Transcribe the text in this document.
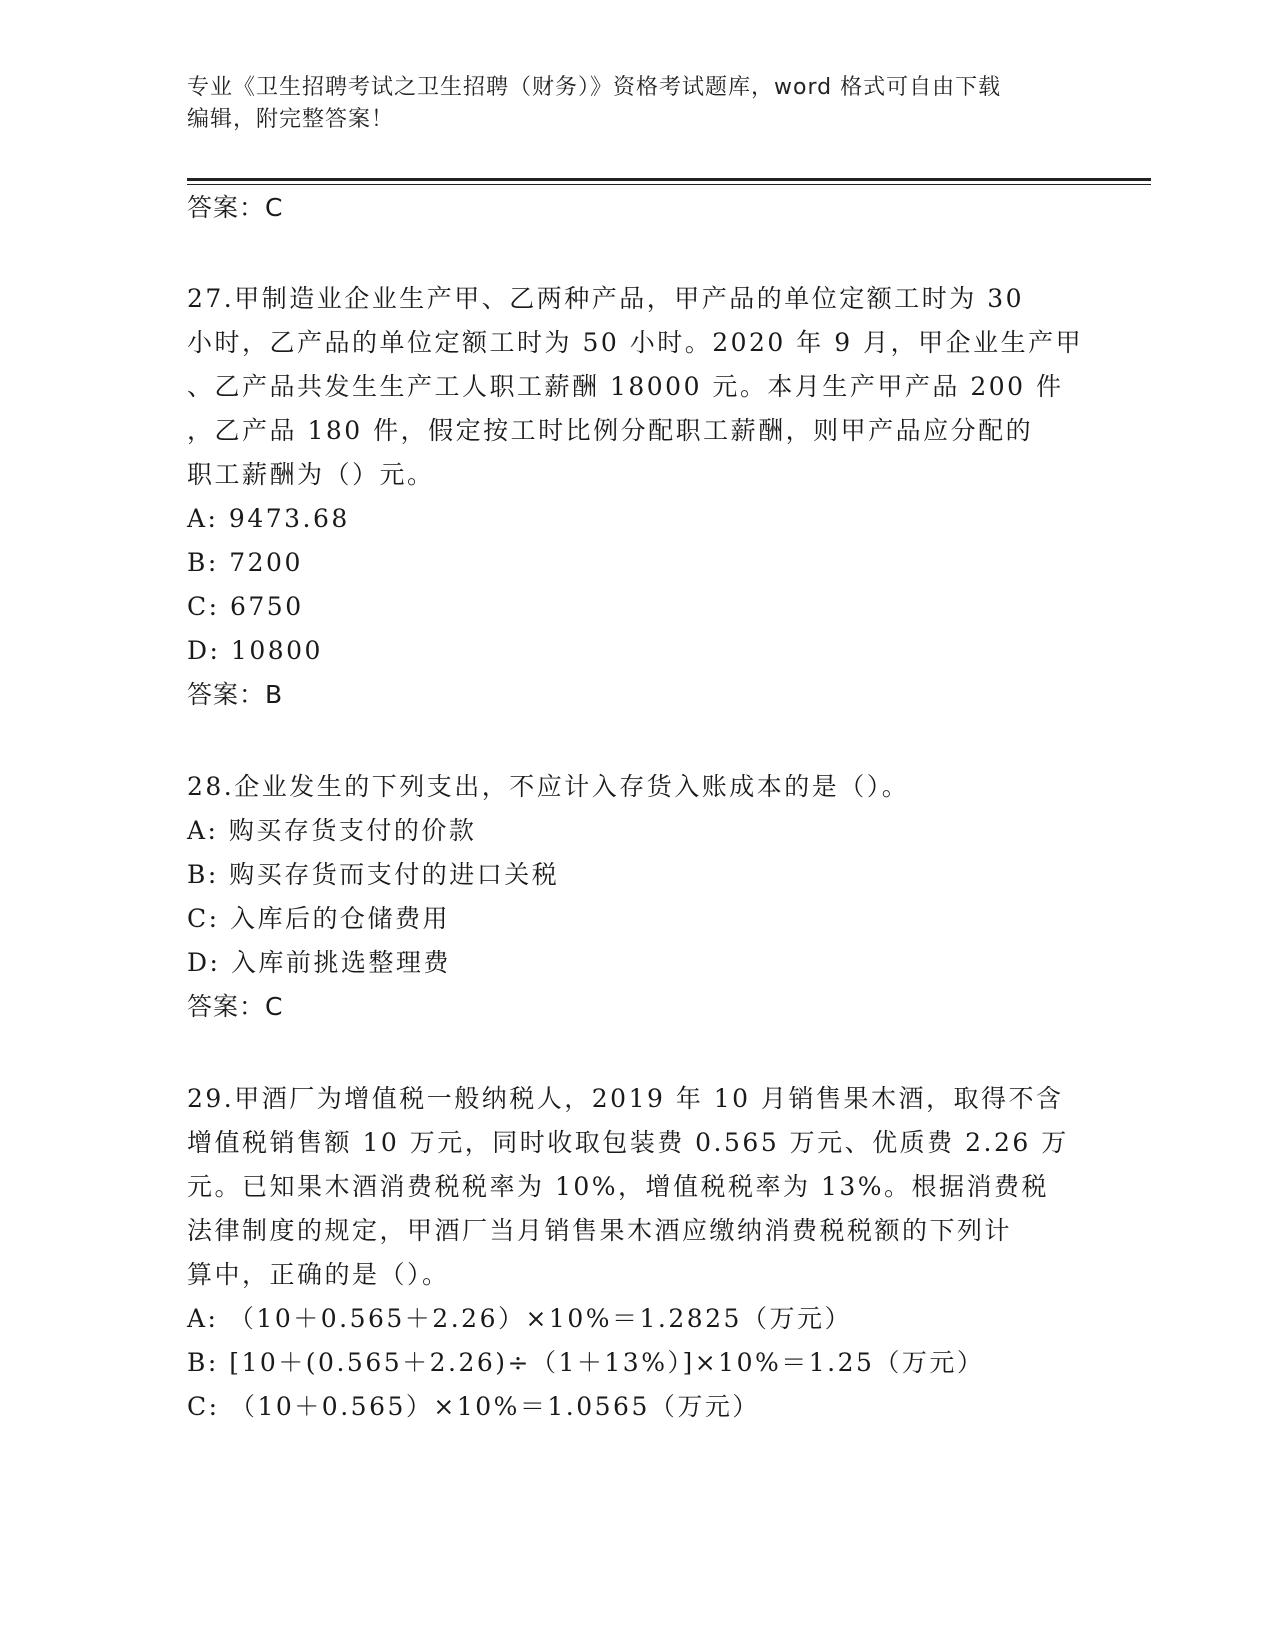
专业《卫生招聘考试之卫生招聘（财务）》资格考试题库，word 格式可自由下载
编辑，附完整答案！
答案：C
27.甲制造业企业生产甲、乙两种产品，甲产品的单位定额工时为 30
小时，乙产品的单位定额工时为 50 小时。2020 年 9 月，甲企业生产甲
、乙产品共发生生产工人职工薪酬 18000 元。本月生产甲产品 200 件
，乙产品 180 件，假定按工时比例分配职工薪酬，则甲产品应分配的
职工薪酬为（）元。
A: 9473.68
B: 7200
C: 6750
D: 10800
答案：B
28.企业发生的下列支出，不应计入存货入账成本的是（）。
A: 购买存货支付的价款
B: 购买存货而支付的进口关税
C: 入库后的仓储费用
D: 入库前挑选整理费
答案：C
29.甲酒厂为增值税一般纳税人，2019 年 10 月销售果木酒，取得不含
增值税销售额 10 万元，同时收取包装费 0.565 万元、优质费 2.26 万
元。已知果木酒消费税税率为 10%，增值税税率为 13%。根据消费税
法律制度的规定，甲酒厂当月销售果木酒应缴纳消费税税额的下列计
算中，正确的是（）。
A: （10＋0.565＋2.26）×10%＝1.2825（万元）
B: [10＋(0.565＋2.26)÷（1＋13%）]×10%＝1.25（万元）
C: （10＋0.565）×10%＝1.0565（万元）
